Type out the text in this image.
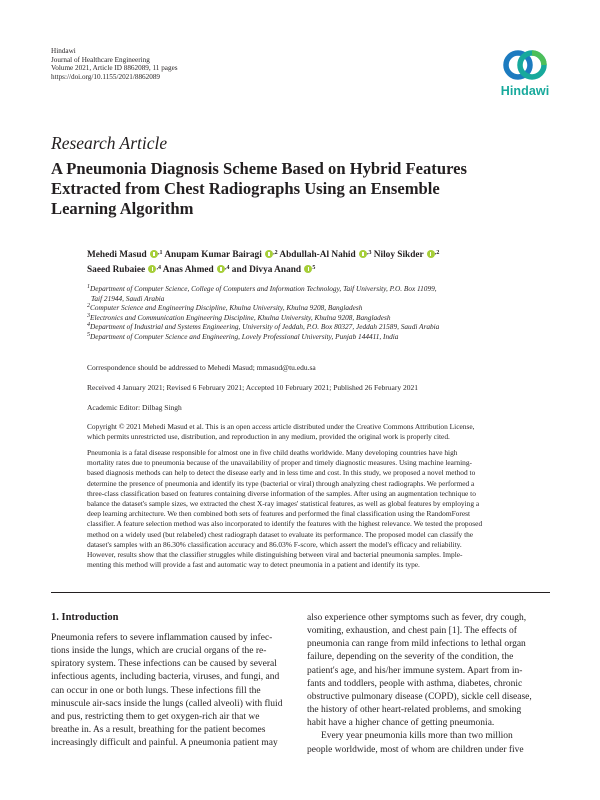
Hindawi
Journal of Healthcare Engineering
Volume 2021, Article ID 8862089, 11 pages
https://doi.org/10.1155/2021/8862089
Hindawi
Research Article
A Pneumonia Diagnosis Scheme Based on Hybrid Features
Extracted from Chest Radiographs Using an Ensemble
Learning Algorithm
Mehedi Masud $^{,1}$ Anupam Kumar Bairagi $^{,2}$ Abdullah-Al Nahid $^{,3}$ Niloy Sikder $^{,2}$
Saeed Rubaiee $^{,4}$ Anas Ahmed $^{,4}$ and Divya Anand $^5$
$^1$Department of Computer Science, College of Computers and Information Technology, Taif University, P.O. Box 11099,
Taif 21944, Saudi Arabia
$^2$Computer Science and Engineering Discipline, Khulna University, Khulna 9208, Bangladesh
$^3$Electronics and Communication Engineering Discipline, Khulna University, Khulna 9208, Bangladesh
$^4$Department of Industrial and Systems Engineering, University of Jeddah, P.O. Box 80327, Jeddah 21589, Saudi Arabia
$^5$Department of Computer Science and Engineering, Lovely Professional University, Punjab 144411, India
Correspondence should be addressed to Mehedi Masud; mmasud@tu.edu.sa
Received 4 January 2021; Revised 6 February 2021; Accepted 10 February 2021; Published 26 February 2021
Academic Editor: Dilbag Singh
Copyright © 2021 Mehedi Masud et al. This is an open access article distributed under the Creative Commons Attribution License,
which permits unrestricted use, distribution, and reproduction in any medium, provided the original work is properly cited.
Pneumonia is a fatal disease responsible for almost one in five child deaths worldwide. Many developing countries have high
mortality rates due to pneumonia because of the unavailability of proper and timely diagnostic measures. Using machine learning-
based diagnosis methods can help to detect the disease early and in less time and cost. In this study, we proposed a novel method to
determine the presence of pneumonia and identify its type (bacterial or viral) through analyzing chest radiographs. We performed a
three-class classification based on features containing diverse information of the samples. After using an augmentation technique to
balance the dataset's sample sizes, we extracted the chest X-ray images' statistical features, as well as global features by employing a
deep learning architecture. We then combined both sets of features and performed the final classification using the RandomForest
classifier. A feature selection method was also incorporated to identify the features with the highest relevance. We tested the proposed
method on a widely used (but relabeled) chest radiograph dataset to evaluate its performance. The proposed model can classify the
dataset's samples with an 86.30% classification accuracy and 86.03% F-score, which assert the model's efficacy and reliability.
However, results show that the classifier struggles while distinguishing between viral and bacterial pneumonia samples. Imple-
menting this method will provide a fast and automatic way to detect pneumonia in a patient and identify its type.
1. Introduction
Pneumonia refers to severe inflammation caused by infec-
tions inside the lungs, which are crucial organs of the re-
spiratory system. These infections can be caused by several
infectious agents, including bacteria, viruses, and fungi, and
can occur in one or both lungs. These infections fill the
minuscule air-sacs inside the lungs (called alveoli) with fluid
and pus, restricting them to get oxygen-rich air that we
breathe in. As a result, breathing for the patient becomes
increasingly difficult and painful. A pneumonia patient may
also experience other symptoms such as fever, dry cough,
vomiting, exhaustion, and chest pain [1]. The effects of
pneumonia can range from mild infections to lethal organ
failure, depending on the severity of the condition, the
patient's age, and his/her immune system. Apart from in-
fants and toddlers, people with asthma, diabetes, chronic
obstructive pulmonary disease (COPD), sickle cell disease,
the history of other heart-related problems, and smoking
habit have a higher chance of getting pneumonia.
Every year pneumonia kills more than two million
people worldwide, most of whom are children under five
